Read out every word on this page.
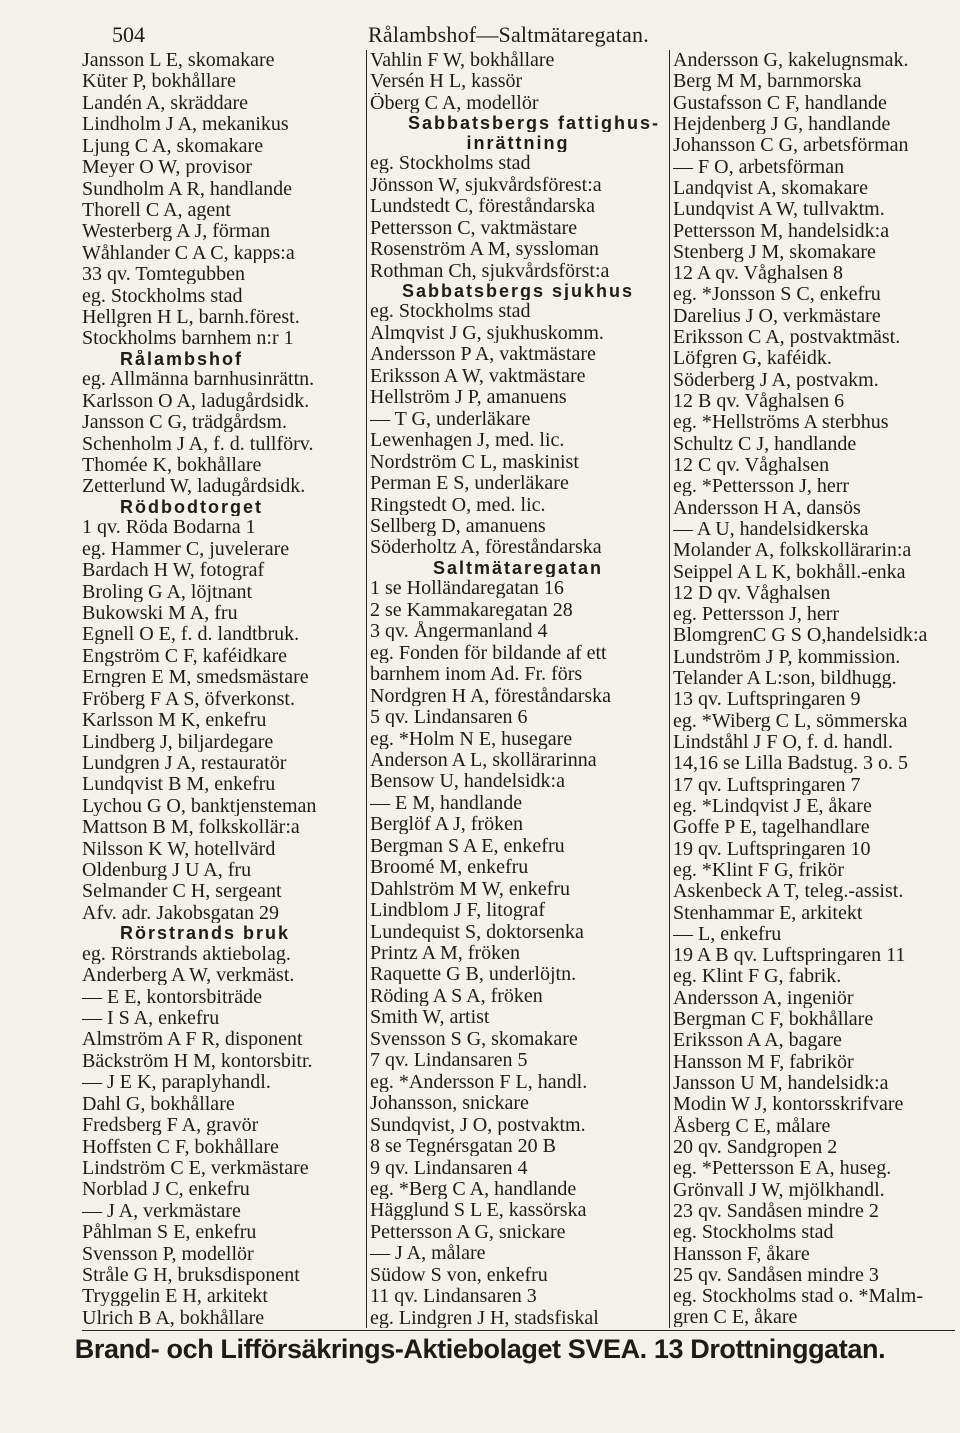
504	Rålambshof—Saltmätaregatan.
Jansson L E, skomakare
Küter P, bokhållare
Landén A, skräddare
Lindholm J A, mekanikus
Ljung C A, skomakare
Meyer O W, provisor
Sundholm A R, handlande
Thorell C A, agent
Westerberg A J, förman
Wåhlander C A C, kapps:a
33 qv. Tomtegubben
eg. Stockholms stad
Hellgren H L, barnh.förest.
Stockholms barnhem n:r 1
Rålambshof
eg. Allmänna barnhusinrättn.
Karlsson O A, ladugårdsidk.
Jansson C G, trädgårdsm.
Schenholm J A, f. d. tullförv.
Thomée K, bokhållare
Zetterlund W, ladugårdsidk.
Rödbodtorget
1 qv. Röda Bodarna 1
eg. Hammer C, juvelerare
Bardach H W, fotograf
Broling G A, löjtnant
Bukowski M A, fru
Egnell O E, f. d. landtbruk.
Engström C F, kaféidkare
Erngren E M, smedsmästare
Fröberg F A S, öfverkonst.
Karlsson M K, enkefru
Lindberg J, biljardegare
Lundgren J A, restauratör
Lundqvist B M, enkefru
Lychou G O, banktjensteman
Mattson B M, folkskollär:a
Nilsson K W, hotellvärd
Oldenburg J U A, fru
Selmander C H, sergeant
Afv. adr. Jakobsgatan 29
Rörstrands bruk
eg. Rörstrands aktiebolag.
Anderberg A W, verkmäst.
— E E, kontorsbiträde
— I S A, enkefru
Almström A F R, disponent
Bäckström H M, kontorsbitr.
— J E K, paraplyhandl.
Dahl G, bokhållare
Fredsberg F A, gravör
Hoffsten C F, bokhållare
Lindström C E, verkmästare
Norblad J C, enkefru
— J A, verkmästare
Påhlman S E, enkefru
Svensson P, modellör
Stråle G H, bruksdisponent
Tryggelin E H, arkitekt
Ulrich B A, bokhållare
Vahlin F W, bokhållare
Versén H L, kassör
Öberg C A, modellör
Sabbatsbergs fattighus-
inrättning
eg. Stockholms stad
Jönsson W, sjukvårdsförest:a
Lundstedt C, föreståndarska
Pettersson C, vaktmästare
Rosenström A M, syssloman
Rothman Ch, sjukvårdsförst:a
Sabbatsbergs sjukhus
eg. Stockholms stad
Almqvist J G, sjukhuskomm.
Andersson P A, vaktmästare
Eriksson A W, vaktmästare
Hellström J P, amanuens
— T G, underläkare
Lewenhagen J, med. lic.
Nordström C L, maskinist
Perman E S, underläkare
Ringstedt O, med. lic.
Sellberg D, amanuens
Söderholtz A, föreståndarska
Saltmätaregatan
1 se Holländaregatan 16
2 se Kammakaregatan 28
3 qv. Ångermanland 4
eg. Fonden för bildande af ett
barnhem inom Ad. Fr. förs
Nordgren H A, föreståndarska
5 qv. Lindansaren 6
eg. *Holm N E, husegare
Anderson A L, skollärarinna
Bensow U, handelsidk:a
— E M, handlande
Berglöf A J, fröken
Bergman S A E, enkefru
Broomé M, enkefru
Dahlström M W, enkefru
Lindblom J F, litograf
Lundequist S, doktorsenka
Printz A M, fröken
Raquette G B, underlöjtn.
Röding A S A, fröken
Smith W, artist
Svensson S G, skomakare
7 qv. Lindansaren 5
eg. *Andersson F L, handl.
Johansson, snickare
Sundqvist, J O, postvaktm.
8 se Tegnérsgatan 20 B
9 qv. Lindansaren 4
eg. *Berg C A, handlande
Hägglund S L E, kassörska
Pettersson A G, snickare
— J A, målare
Südow S von, enkefru
11 qv. Lindansaren 3
eg. Lindgren J H, stadsfiskal
Andersson G, kakelugnsmak.
Berg M M, barnmorska
Gustafsson C F, handlande
Hejdenberg J G, handlande
Johansson C G, arbetsförman
— F O, arbetsförman
Landqvist A, skomakare
Lundqvist A W, tullvaktm.
Pettersson M, handelsidk:a
Stenberg J M, skomakare
12 A qv. Våghalsen 8
eg. *Jonsson S C, enkefru
Darelius J O, verkmästare
Eriksson C A, postvaktmäst.
Löfgren G, kaféidk.
Söderberg J A, postvakm.
12 B qv. Våghalsen 6
eg. *Hellströms A sterbhus
Schultz C J, handlande
12 C qv. Våghalsen
eg. *Pettersson J, herr
Andersson H A, dansös
— A U, handelsidkerska
Molander A, folkskollärarin:a
Seippel A L K, bokhåll.-enka
12 D qv. Våghalsen
eg. Pettersson J, herr
BlomgrenC G S O,handelsidk:a
Lundström J P, kommission.
Telander A L:son, bildhugg.
13 qv. Luftspringaren 9
eg. *Wiberg C L, sömmerska
Lindståhl J F O, f. d. handl.
14,16 se Lilla Badstug. 3 o. 5
17 qv. Luftspringaren 7
eg. *Lindqvist J E, åkare
Goffe P E, tagelhandlare
19 qv. Luftspringaren 10
eg. *Klint F G, frikör
Askenbeck A T, teleg.-assist.
Stenhammar E, arkitekt
— L, enkefru
19 A B qv. Luftspringaren 11
eg. Klint F G, fabrik.
Andersson A, ingeniör
Bergman C F, bokhållare
Eriksson A A, bagare
Hansson M F, fabrikör
Jansson U M, handelsidk:a
Modin W J, kontorsskrifvare
Åsberg C E, målare
20 qv. Sandgropen 2
eg. *Pettersson E A, huseg.
Grönvall J W, mjölkhandl.
23 qv. Sandåsen mindre 2
eg. Stockholms stad
Hansson F, åkare
25 qv. Sandåsen mindre 3
eg. Stockholms stad o. *Malm-
gren C E, åkare
Brand- och Lifförsäkrings-Aktiebolaget SVEA. 13 Drottninggatan.
